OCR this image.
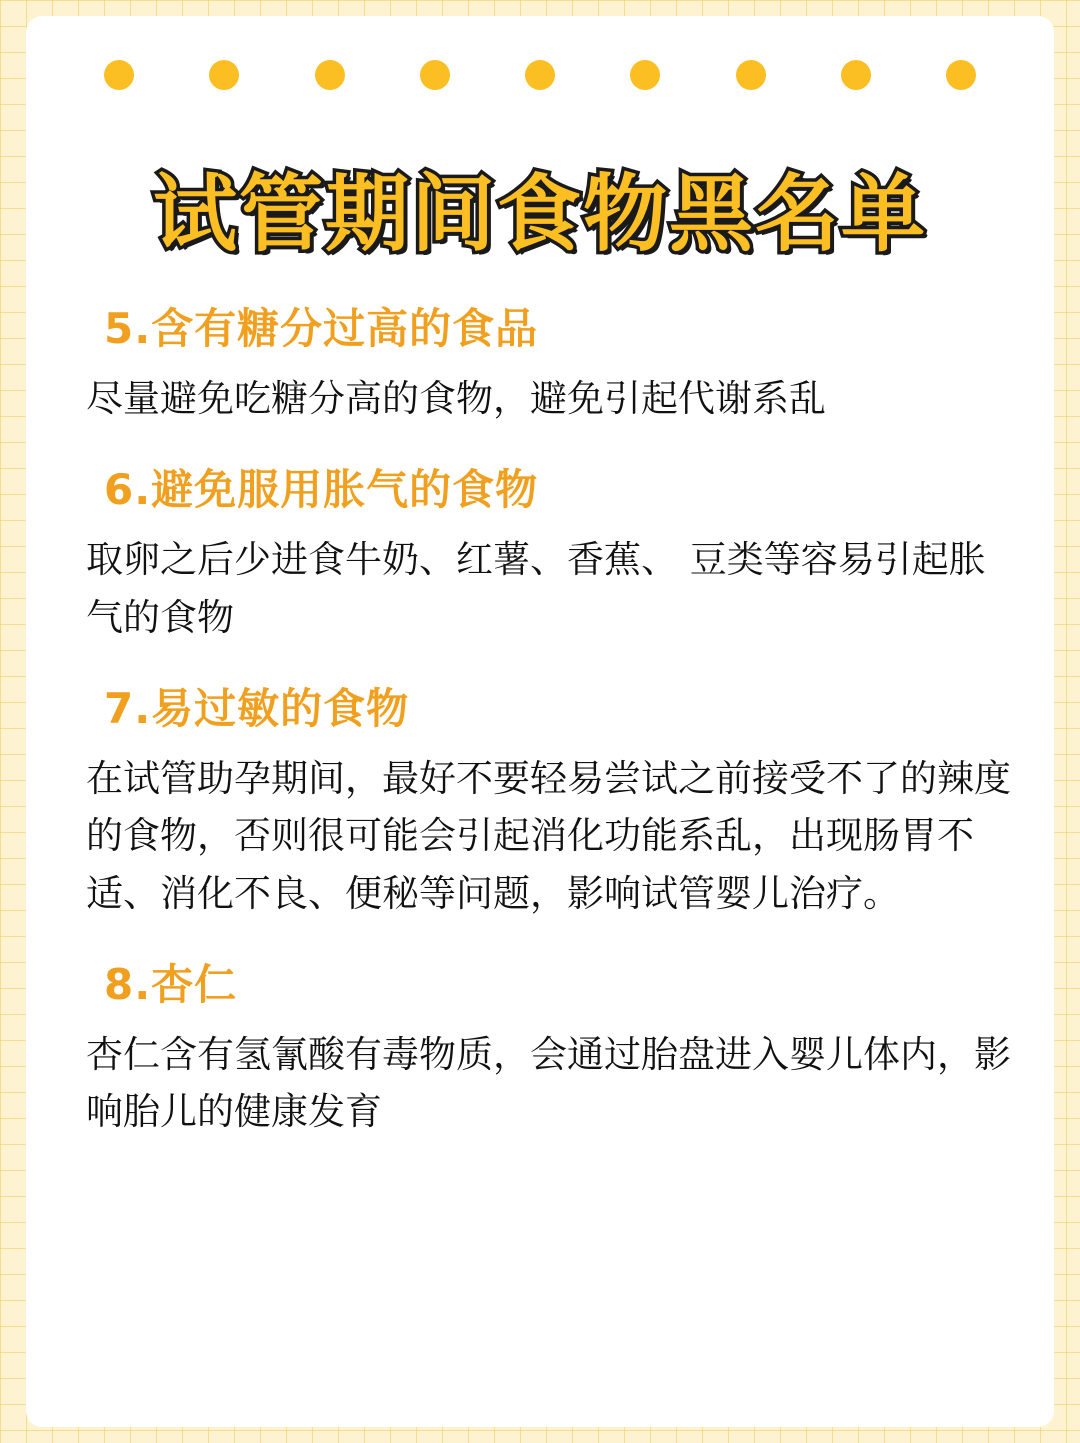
试管期间食物黑名单
5.含有糖分过高的食品

尽量避免吃糖分高的食物，避免引起代谢系乱

6.避免服用胀气的食物

取卵之后少进食牛奶、红薯、香蕉、 豆类等容易引起胀气的食物

7.易过敏的食物

在试管助孕期间，最好不要轻易尝试之前接受不了的辣度的食物，否则很可能会引起消化功能系乱，出现肠胃不适、消化不良、便秘等问题，影响试管婴儿治疗。

8.杏仁

杏仁含有氢氰酸有毒物质，会通过胎盘进入婴儿体内，影响胎儿的健康发育
